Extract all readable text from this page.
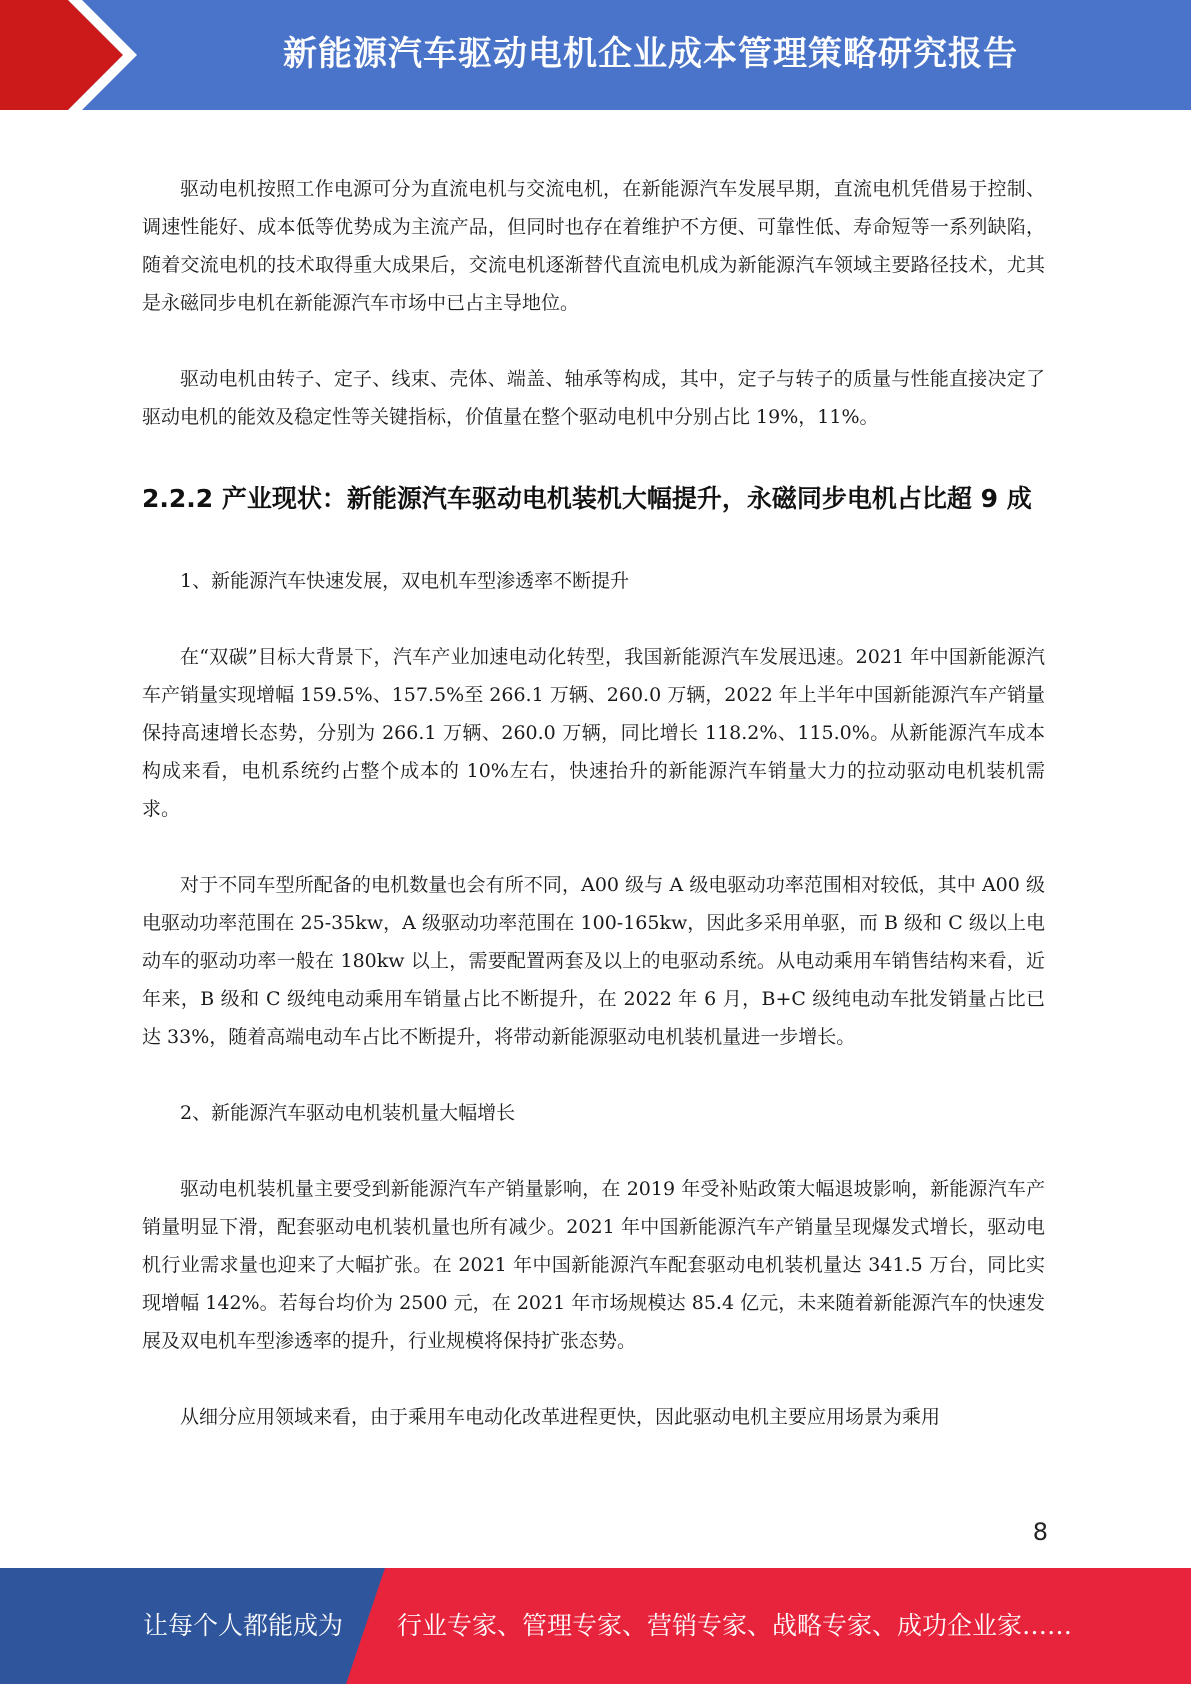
新能源汽车驱动电机企业成本管理策略研究报告

驱动电机按照工作电源可分为直流电机与交流电机，在新能源汽车发展早期，直流电机凭借易于控制、调速性能好、成本低等优势成为主流产品，但同时也存在着维护不方便、可靠性低、寿命短等一系列缺陷，随着交流电机的技术取得重大成果后，交流电机逐渐替代直流电机成为新能源汽车领域主要路径技术，尤其是永磁同步电机在新能源汽车市场中已占主导地位。

驱动电机由转子、定子、线束、壳体、端盖、轴承等构成，其中，定子与转子的质量与性能直接决定了驱动电机的能效及稳定性等关键指标，价值量在整个驱动电机中分别占比 19%，11%。

2.2.2 产业现状：新能源汽车驱动电机装机大幅提升，永磁同步电机占比超 9 成

1、新能源汽车快速发展，双电机车型渗透率不断提升

在“双碳”目标大背景下，汽车产业加速电动化转型，我国新能源汽车发展迅速。2021 年中国新能源汽车产销量实现增幅 159.5%、157.5%至 266.1 万辆、260.0 万辆，2022 年上半年中国新能源汽车产销量保持高速增长态势，分别为 266.1 万辆、260.0 万辆，同比增长 118.2%、115.0%。从新能源汽车成本构成来看，电机系统约占整个成本的 10%左右，快速抬升的新能源汽车销量大力的拉动驱动电机装机需求。

对于不同车型所配备的电机数量也会有所不同，A00 级与 A 级电驱动功率范围相对较低，其中 A00 级电驱动功率范围在 25-35kw，A 级驱动功率范围在 100-165kw，因此多采用单驱，而 B 级和 C 级以上电动车的驱动功率一般在 180kw 以上，需要配置两套及以上的电驱动系统。从电动乘用车销售结构来看，近年来，B 级和 C 级纯电动乘用车销量占比不断提升，在 2022 年 6 月，B+C 级纯电动车批发销量占比已达 33%，随着高端电动车占比不断提升，将带动新能源驱动电机装机量进一步增长。

2、新能源汽车驱动电机装机量大幅增长

驱动电机装机量主要受到新能源汽车产销量影响，在 2019 年受补贴政策大幅退坡影响，新能源汽车产销量明显下滑，配套驱动电机装机量也所有减少。2021 年中国新能源汽车产销量呈现爆发式增长，驱动电机行业需求量也迎来了大幅扩张。在 2021 年中国新能源汽车配套驱动电机装机量达 341.5 万台，同比实现增幅 142%。若每台均价为 2500 元，在 2021 年市场规模达 85.4 亿元，未来随着新能源汽车的快速发展及双电机车型渗透率的提升，行业规模将保持扩张态势。

从细分应用领域来看，由于乘用车电动化改革进程更快，因此驱动电机主要应用场景为乘用

8
让每个人都能成为 行业专家、管理专家、营销专家、战略专家、成功企业家……
